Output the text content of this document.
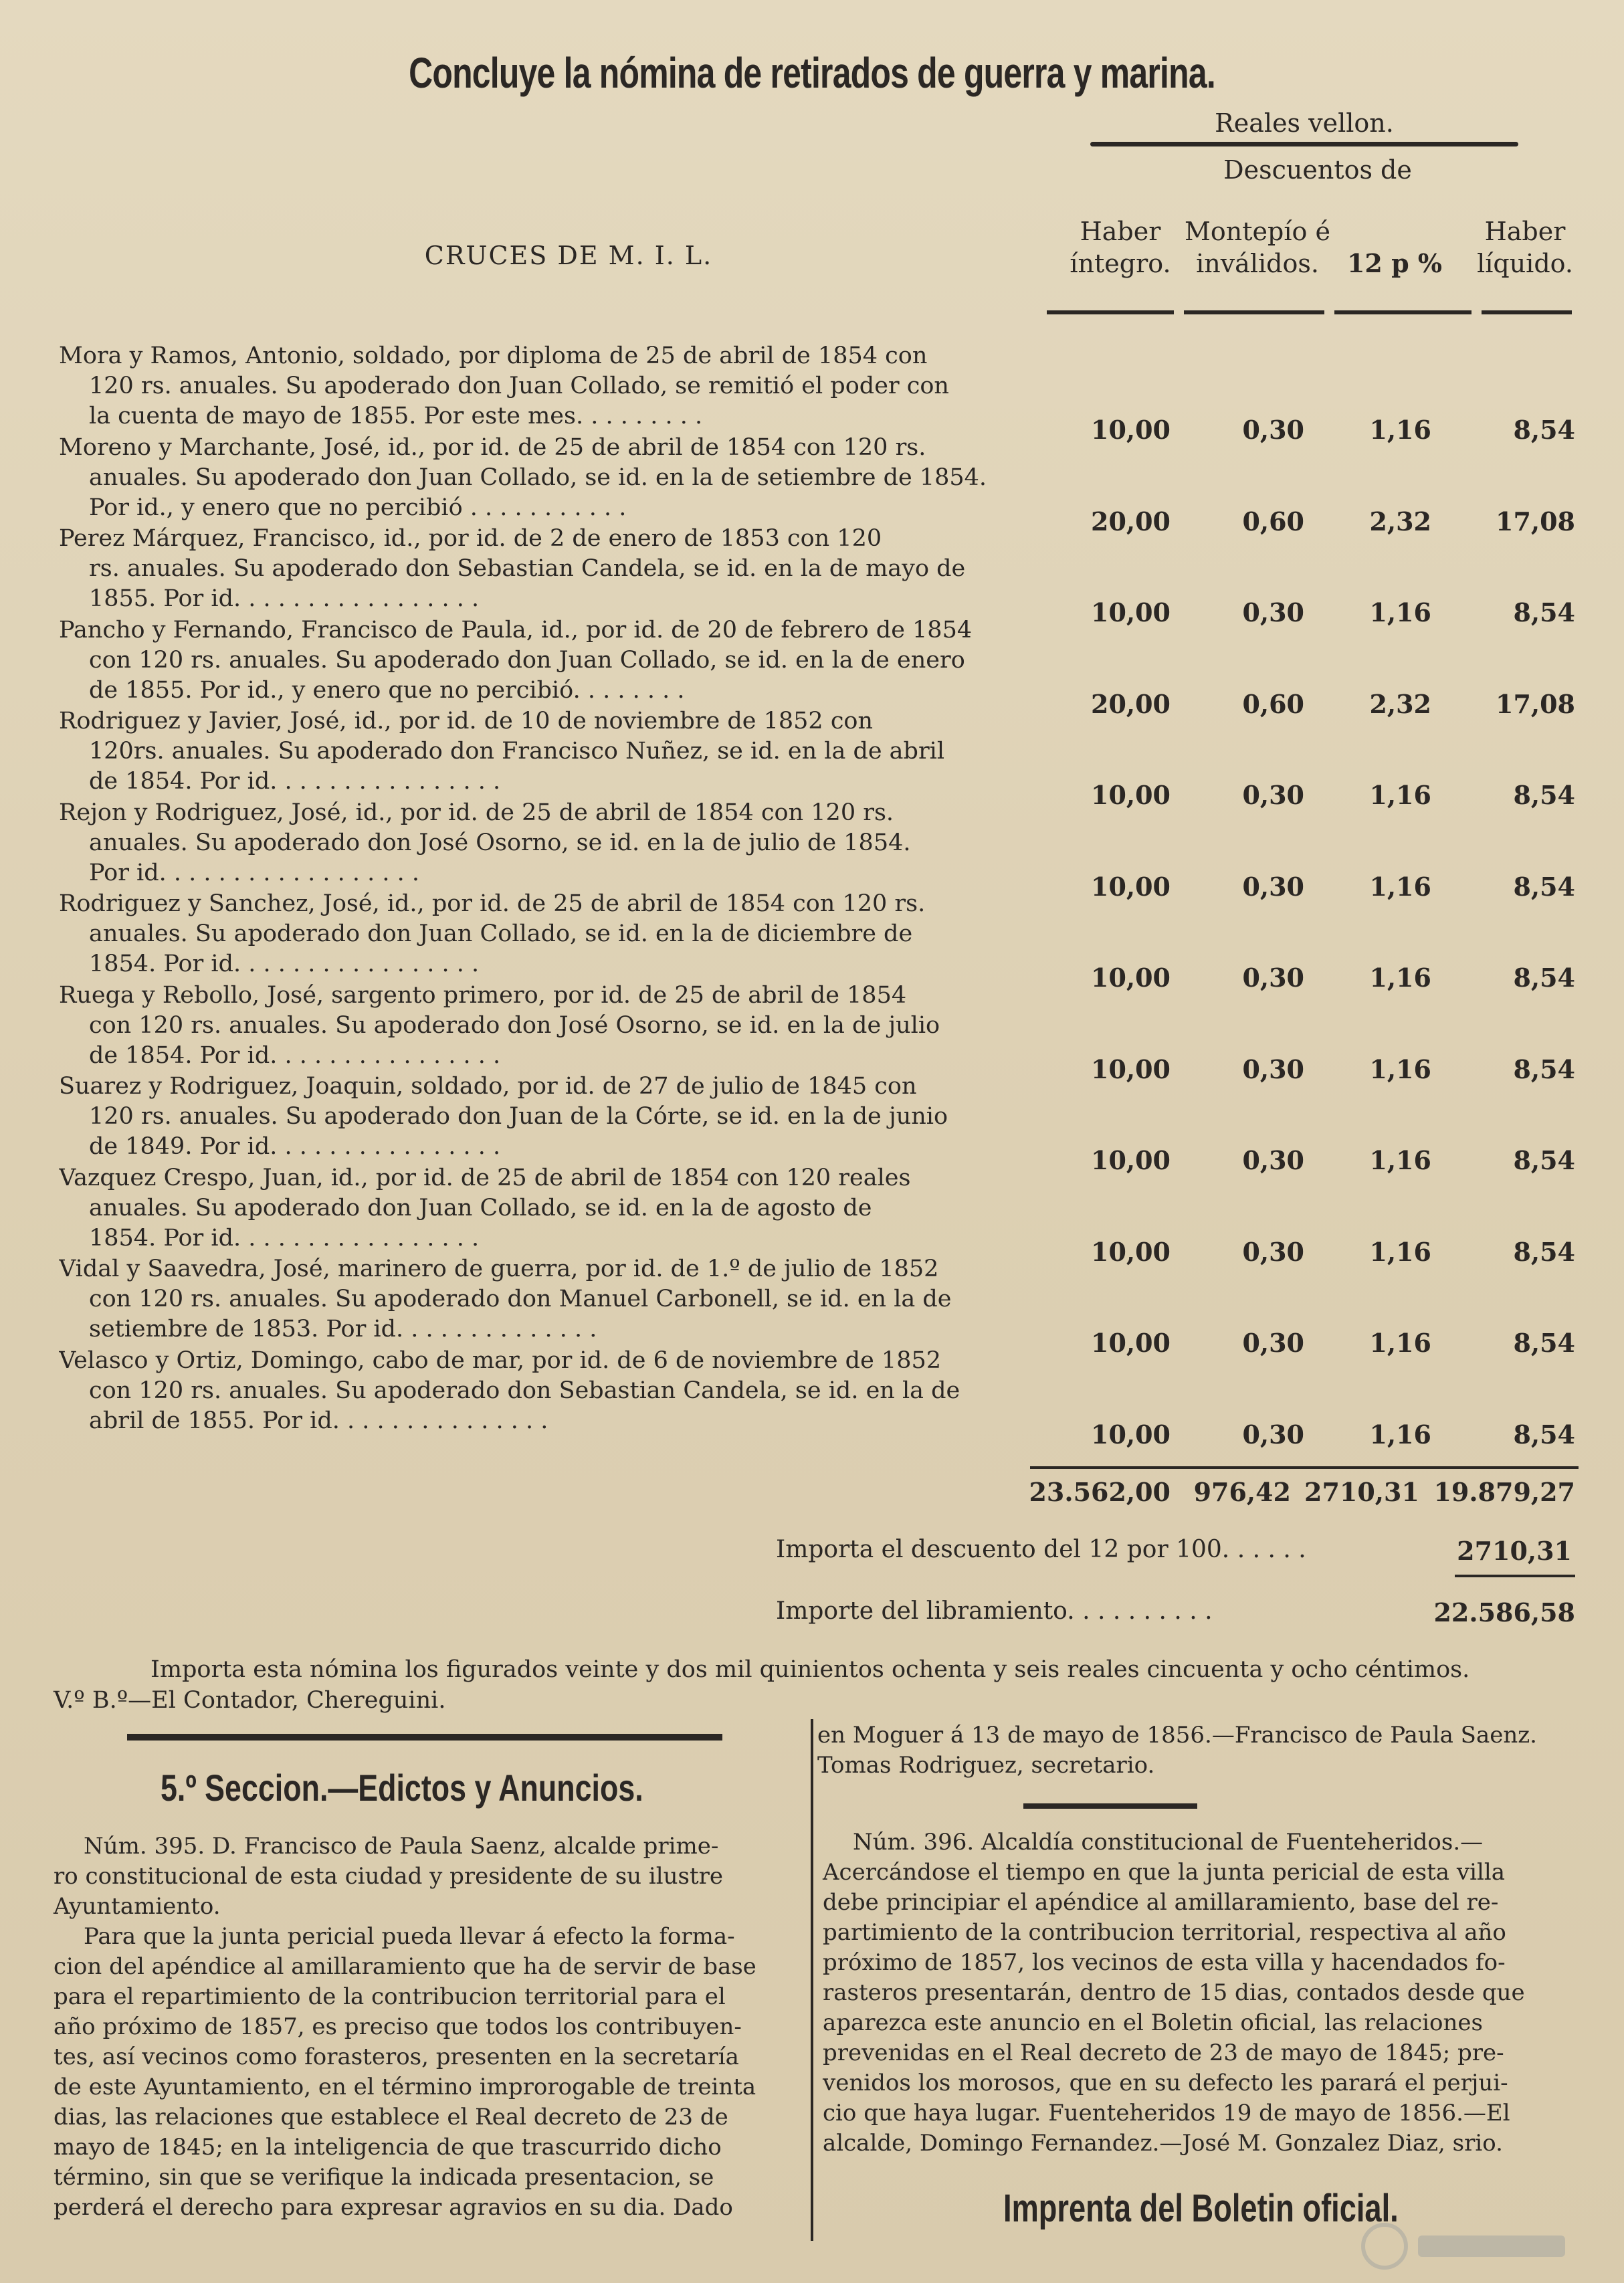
Concluye la nómina de retirados de guerra y marina.
Reales vellon.
Descuentos de
CRUCES DE M. I. L.
Haber
íntegro.
Montepío é
inválidos.	12 p %
Haber
líquido.
Mora y Ramos, Antonio, soldado, por diploma de 25 de abril de 1854 con
120 rs. anuales. Su apoderado don Juan Collado, se remitió el poder con
la cuenta de mayo de 1855. Por este mes. . . . . . . . .	10,00	0,30	1,16	8,54
Moreno y Marchante, José, id., por id. de 25 de abril de 1854 con 120 rs.
anuales. Su apoderado don Juan Collado, se id. en la de setiembre de 1854.
Por id., y enero que no percibió . . . . . . . . . . .	20,00	0,60	2,32	17,08
Perez Márquez, Francisco, id., por id. de 2 de enero de 1853 con 120
rs. anuales. Su apoderado don Sebastian Candela, se id. en la de mayo de
1855. Por id. . . . . . . . . . . . . . . . .	10,00	0,30	1,16	8,54
Pancho y Fernando, Francisco de Paula, id., por id. de 20 de febrero de 1854
con 120 rs. anuales. Su apoderado don Juan Collado, se id. en la de enero
de 1855. Por id., y enero que no percibió. . . . . . . .	20,00	0,60	2,32	17,08
Rodriguez y Javier, José, id., por id. de 10 de noviembre de 1852 con
120rs. anuales. Su apoderado don Francisco Nuñez, se id. en la de abril
de 1854. Por id. . . . . . . . . . . . . . . .	10,00	0,30	1,16	8,54
Rejon y Rodriguez, José, id., por id. de 25 de abril de 1854 con 120 rs.
anuales. Su apoderado don José Osorno, se id. en la de julio de 1854.
Por id. . . . . . . . . . . . . . . . . .	10,00	0,30	1,16	8,54
Rodriguez y Sanchez, José, id., por id. de 25 de abril de 1854 con 120 rs.
anuales. Su apoderado don Juan Collado, se id. en la de diciembre de
1854. Por id. . . . . . . . . . . . . . . . .	10,00	0,30	1,16	8,54
Ruega y Rebollo, José, sargento primero, por id. de 25 de abril de 1854
con 120 rs. anuales. Su apoderado don José Osorno, se id. en la de julio
de 1854. Por id. . . . . . . . . . . . . . . .	10,00	0,30	1,16	8,54
Suarez y Rodriguez, Joaquin, soldado, por id. de 27 de julio de 1845 con
120 rs. anuales. Su apoderado don Juan de la Córte, se id. en la de junio
de 1849. Por id. . . . . . . . . . . . . . . .	10,00	0,30	1,16	8,54
Vazquez Crespo, Juan, id., por id. de 25 de abril de 1854 con 120 reales
anuales. Su apoderado don Juan Collado, se id. en la de agosto de
1854. Por id. . . . . . . . . . . . . . . . .	10,00	0,30	1,16	8,54
Vidal y Saavedra, José, marinero de guerra, por id. de 1.º de julio de 1852
con 120 rs. anuales. Su apoderado don Manuel Carbonell, se id. en la de
setiembre de 1853. Por id. . . . . . . . . . . . . .	10,00	0,30	1,16	8,54
Velasco y Ortiz, Domingo, cabo de mar, por id. de 6 de noviembre de 1852
con 120 rs. anuales. Su apoderado don Sebastian Candela, se id. en la de
abril de 1855. Por id. . . . . . . . . . . . . . .	10,00	0,30	1,16	8,54
23.562,00 976,42 2710,31 19.879,27
Importa el descuento del 12 por 100. . . . . .	2710,31
Importe del libramiento. . . . . . . . . .	22.586,58
Importa esta nómina los figurados veinte y dos mil quinientos ochenta y seis reales cincuenta y ocho céntimos.
V.º B.º—El Contador, Chereguini.
5.º Seccion.—Edictos y Anuncios.
Núm. 395. D. Francisco de Paula Saenz, alcalde prime-
ro constitucional de esta ciudad y presidente de su ilustre
Ayuntamiento.
Para que la junta pericial pueda llevar á efecto la forma-
cion del apéndice al amillaramiento que ha de servir de base
para el repartimiento de la contribucion territorial para el
año próximo de 1857, es preciso que todos los contribuyen-
tes, así vecinos como forasteros, presenten en la secretaría
de este Ayuntamiento, en el término improrogable de treinta
dias, las relaciones que establece el Real decreto de 23 de
mayo de 1845; en la inteligencia de que trascurrido dicho
término, sin que se verifique la indicada presentacion, se
perderá el derecho para expresar agravios en su dia. Dado
en Moguer á 13 de mayo de 1856.—Francisco de Paula Saenz.
Tomas Rodriguez, secretario.
Núm. 396. Alcaldía constitucional de Fuenteheridos.—
Acercándose el tiempo en que la junta pericial de esta villa
debe principiar el apéndice al amillaramiento, base del re-
partimiento de la contribucion territorial, respectiva al año
próximo de 1857, los vecinos de esta villa y hacendados fo-
rasteros presentarán, dentro de 15 dias, contados desde que
aparezca este anuncio en el Boletin oficial, las relaciones
prevenidas en el Real decreto de 23 de mayo de 1845; pre-
venidos los morosos, que en su defecto les parará el perjui-
cio que haya lugar. Fuenteheridos 19 de mayo de 1856.—El
alcalde, Domingo Fernandez.—José M. Gonzalez Diaz, srio.
Imprenta del Boletin oficial.
